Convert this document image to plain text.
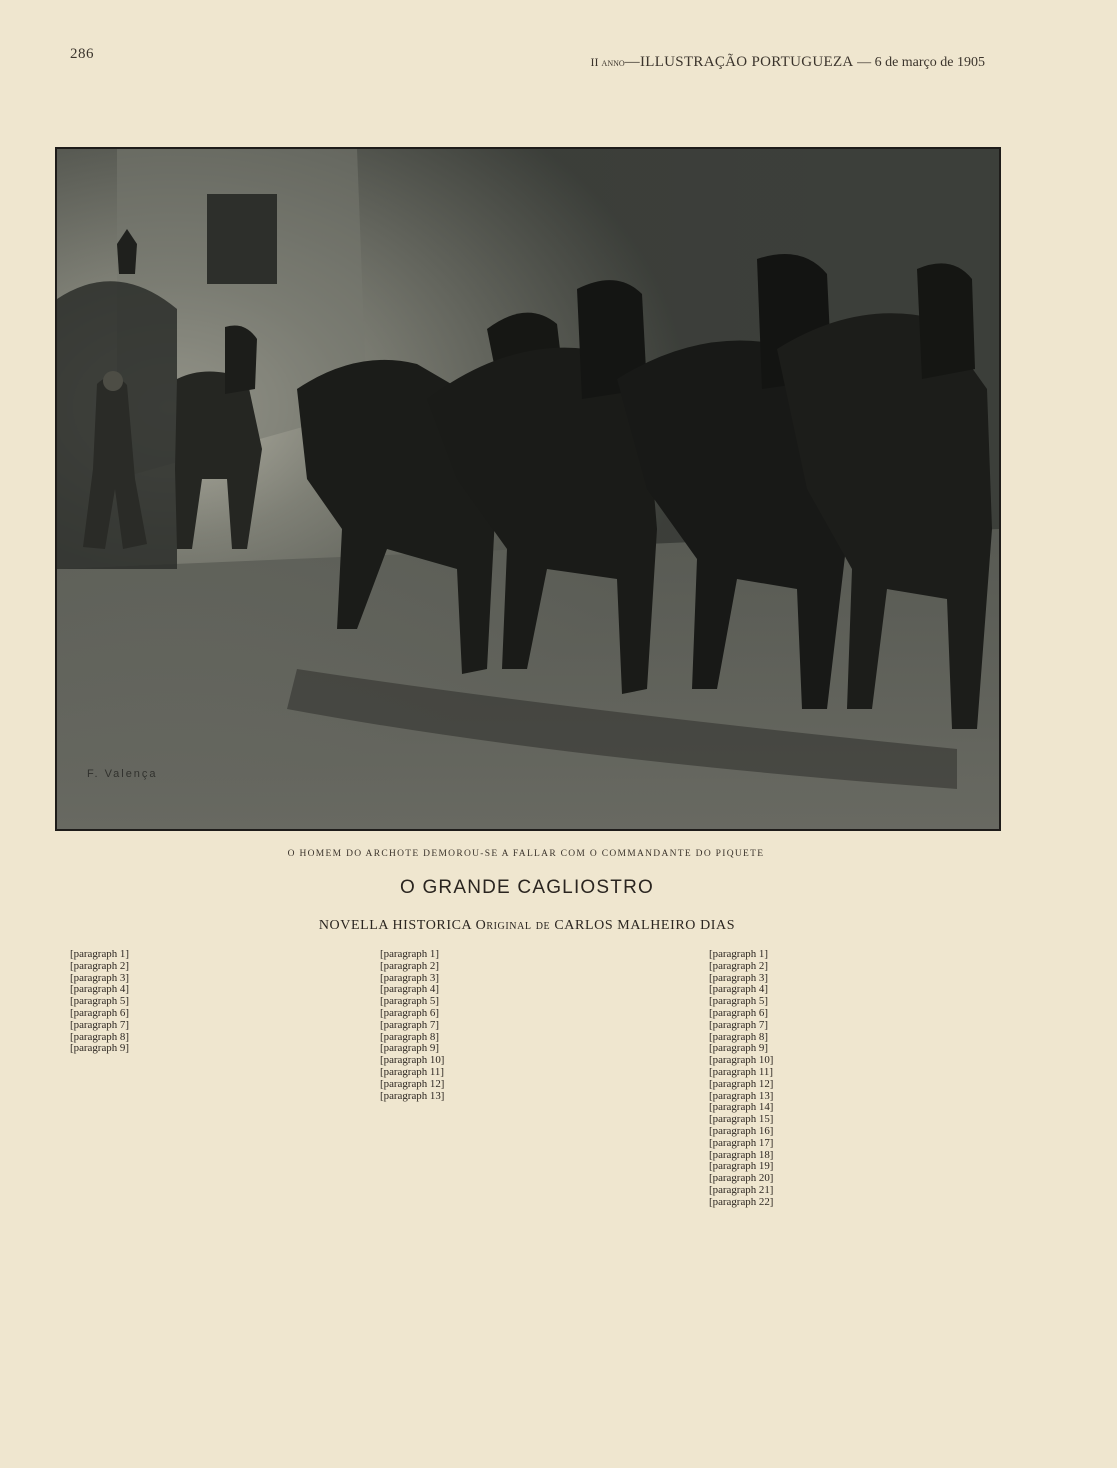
286	II anno—ILLUSTRAÇÃO PORTUGUEZA — 6 de março de 1905
F. Valença
O HOMEM DO ARCHOTE DEMOROU-SE A FALLAR COM O COMMANDANTE DO PIQUETE
O GRANDE CAGLIOSTRO
NOVELLA HISTORICA Original de CARLOS MALHEIRO DIAS

[paragraph 1]

[paragraph 2]

[paragraph 3]

[paragraph 4]

[paragraph 5]

[paragraph 6]

[paragraph 7]

[paragraph 8]

[paragraph 9]

[paragraph 1]

[paragraph 2]

[paragraph 3]

[paragraph 4]

[paragraph 5]

[paragraph 6]

[paragraph 7]

[paragraph 8]

[paragraph 9]

[paragraph 10]

[paragraph 11]

[paragraph 12]

[paragraph 13]

[paragraph 1]

[paragraph 2]

[paragraph 3]

[paragraph 4]

[paragraph 5]

[paragraph 6]

[paragraph 7]

[paragraph 8]

[paragraph 9]

[paragraph 10]

[paragraph 11]

[paragraph 12]

[paragraph 13]

[paragraph 14]

[paragraph 15]

[paragraph 16]

[paragraph 17]

[paragraph 18]

[paragraph 19]

[paragraph 20]

[paragraph 21]

[paragraph 22]
